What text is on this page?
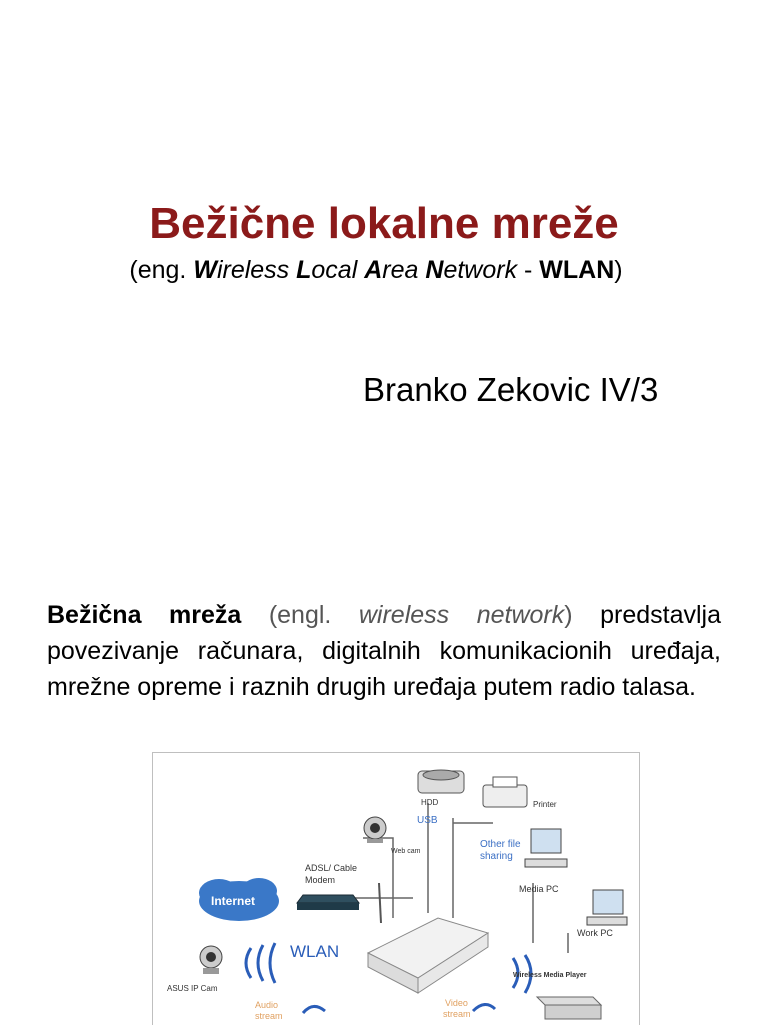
Bežične lokalne mreže
(eng. Wireless Local Area Network - WLAN)
Branko Zekovic IV/3
Bežična mreža (engl. wireless network) predstavlja povezivanje računara, digitalnih komunikacionih uređaja, mrežne opreme i raznih drugih uređaja putem radio talasa.
HDD
USB
Printer
Web cam
Other file
sharing
Media PC
ADSL/ Cable
Modem
Internet
Work PC
WLAN
ASUS IP Cam
Wireless Media Player
Audio
stream
Video
stream
